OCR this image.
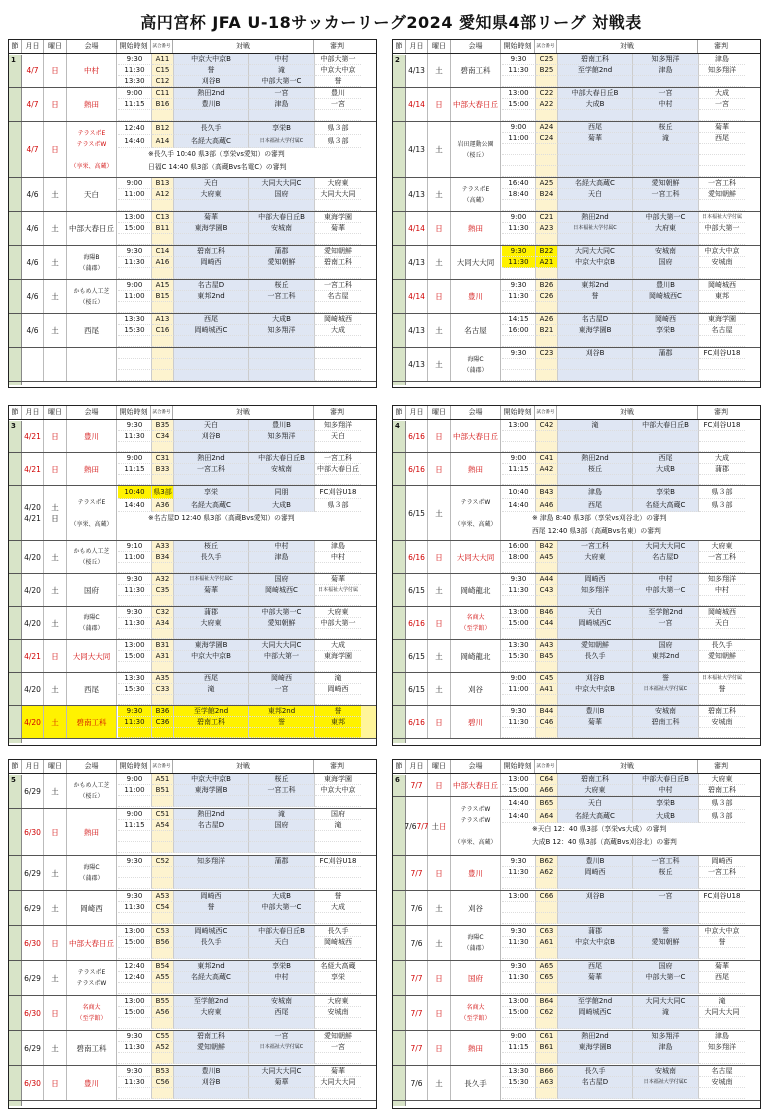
高円宮杯 JFA U-18サッカーリーグ2024 愛知県4部リーグ 対戦表
節	月日	曜日	会場	開始時刻	試合番号	対戦	審判
1
4/7	日	中村
9:30	A11	中京大中京B	中村	中部大第一
11:30	C15	誉	滝	中京大中京
13:30	C12	刈谷B	中部大第一C	誉
4/7	日	熱田
9:00	C11	熱田2nd	一宮	豊川
11:15	B16	豊川B	津島	一宮
4/7	日
テラスポE
テラスポW

（享栄、高蔵）
12:40	B12	長久手	享栄B	県３部
14:40	A14	名経大高蔵C	日本福祉大学付属C	県３部
※長久手 10:40 県3部（享栄vs愛知）の審判
日福C 14:40 県3部（高蔵Bvs名電C）の審判
4/6	土	天白
9:00	B13	天白	大同大大同C	大府東
11:00	A12	大府東	国府	大同大大同
4/6	土	中部大春日丘
13:00	C13	菊華	中部大春日丘B	東海学園
15:00	B11	東海学園B	安城南	菊華
4/6	土
海陽B
（蒲郡）
9:30	C14	碧南工科	蒲郡	愛知朝鮮
11:30	A16	岡崎西	愛知朝鮮	碧南工科
4/6	土
かもめ人工芝
（桜丘）
9:00	A15	名古屋D	桜丘	一宮工科
11:00	B15	東邦2nd	一宮工科	名古屋
4/6	土	西尾
13:30	A13	西尾	大成B	岡崎城西
15:30	C16	岡崎城西C	知多翔洋	大成
節	月日	曜日	会場	開始時刻	試合番号	対戦	審判
2
4/13	土	碧南工科
9:30	C25	碧南工科	知多翔洋	津島
11:30	B25	至学館2nd	津島	知多翔洋
4/14	日	中部大春日丘
13:00	C22	中部大春日丘B	一宮	大成
15:00	A22	大成B	中村	一宮
4/13	土
岩田運動公園
（桜丘）
9:00	A24	西尾	桜丘	菊華
11:00	C24	菊華	滝	西尾
4/13	土
テラスポE
（高蔵）
16:40	A25	名経大高蔵C	愛知朝鮮	一宮工科
18:40	B24	天白	一宮工科	愛知朝鮮
4/14	日	熱田
9:00	C21	熱田2nd	中部大第一C	日本福祉大学付属
11:30	A23	日本福祉大学付属C	大府東	中部大第一
4/13	土	大同大大同
9:30	B22	大同大大同C	安城南	中京大中京
11:30	A21	中京大中京B	国府	安城南
4/14	日	豊川
9:30	B26	東邦2nd	豊川B	岡崎城西
11:30	C26	誉	岡崎城西C	東邦
4/13	土	名古屋
14:15	A26	名古屋D	岡崎西	東海学園
16:00	B21	東海学園B	享栄B	名古屋
4/13	土
海陽C
（蒲郡）
9:30	C23	刈谷B	蒲郡	FC刈谷U18
節	月日	曜日	会場	開始時刻	試合番号	対戦	審判
3
4/21	日	豊川
9:30	B35	天白	豊川B	知多翔洋
11:30	C34	刈谷B	知多翔洋	天白
4/21	日	熱田
9:00	C31	熱田2nd	中部大春日丘B	一宮工科
11:15	B33	一宮工科	安城南	中部大春日丘
4/20
4/21
土
日
テラスポE

（享栄、高蔵）
10:40	県3部	享栄	同朋	FC刈谷U18
14:40	A36	名経大高蔵C	大成B	県３部
※名古屋D 12:40 県3部（高蔵Bvs愛知）の審判
4/20	土
かもめ人工芝
（桜丘）
9:10	A33	桜丘	中村	津島
11:00	B34	長久手	津島	中村
4/20	土	国府
9:30	A32	日本福祉大学付属C	国府	菊華
11:30	C35	菊華	岡崎城西C	日本福祉大学付属
4/20	土
海陽C
（蒲郡）
9:30	C32	蒲郡	中部大第一C	大府東
11:30	A34	大府東	愛知朝鮮	中部大第一
4/21	日	大同大大同
13:00	B31	東海学園B	大同大大同C	大成
15:00	A31	中京大中京B	中部大第一	東海学園
4/20	土	西尾
13:30	A35	西尾	岡崎西	滝
15:30	C33	滝	一宮	岡崎西
4/20	土	碧南工科
9:30	B36	至学館2nd	東邦2nd	誉
11:30	C36	碧南工科	誉	東邦
節	月日	曜日	会場	開始時刻	試合番号	対戦	審判
4
6/16	日	中部大春日丘
13:00	C42	滝	中部大春日丘B	FC刈谷U18
6/16	日	熱田
9:00	C41	熱田2nd	西尾	大成
11:15	A42	桜丘	大成B	蒲郡
6/15	土
テラスポW

（享栄、高蔵）
10:40	B43	津島	享栄B	県３部
14:40	A46	西尾	名経大高蔵C	県３部
※ 津島 8:40 県3部（享栄vs刈谷北）の審判
西尾 12:40 県3部（高蔵Bvs名東）の審判
6/16	日	大同大大同
16:00	B42	一宮工科	大同大大同C	大府東
18:00	A45	大府東	名古屋D	一宮工科
6/15	土	岡崎龍北
9:30	A44	岡崎西	中村	知多翔洋
11:30	C43	知多翔洋	中部大第一C	中村
6/16	日
名商大
（至学館）
13:00	B46	天白	至学館2nd	岡崎城西
15:00	C44	岡崎城西C	一宮	天白
6/15	土	岡崎龍北
13:30	A43	愛知朝鮮	国府	長久手
15:30	B45	長久手	東邦2nd	愛知朝鮮
6/15	土	刈谷
9:00	C45	刈谷B	誉	日本福祉大学付属
11:00	A41	中京大中京B	日本福祉大学付属C	誉
6/16	日	碧川
9:30	B44	豊川B	安城南	碧南工科
11:30	C46	菊華	碧南工科	安城南
節	月日	曜日	会場	開始時刻	試合番号	対戦	審判
5
6/29	土
かもめ人工芝
（桜丘）
9:00	A51	中京大中京B	桜丘	東海学園
11:00	B51	東海学園B	一宮工科	中京大中京
6/30	日	熱田
9:00	C51	熱田2nd	滝	国府
11:15	A54	名古屋D	国府	滝
6/29	土
海陽C
（蒲郡）
9:30	C52	知多翔洋	蒲郡	FC刈谷U18
6/29	土	岡崎西
9:30	A53	岡崎西	大成B	誉
11:30	C54	誉	中部大第一C	大成
6/30	日	中部大春日丘
13:00	C53	岡崎城西C	中部大春日丘B	長久手
15:00	B56	長久手	天白	岡崎城西
6/29	土
テラスポE
テラスポW
12:40	B54	東邦2nd	享栄B	名経大高蔵
12:40	A55	名経大高蔵C	中村	享栄
6/30	日
名商大
（至学館）
13:00	B55	至学館2nd	安城南	大府東
15:00	A56	大府東	西尾	安城南
6/29	土	碧南工科
9:30	C55	碧南工科	一宮	愛知朝鮮
11:30	A52	愛知朝鮮	日本福祉大学付属C	一宮
6/30	日	豊川
9:30	B53	豊川B	大同大大同C	菊華
11:30	C56	刈谷B	菊華	大同大大同
節	月日	曜日	会場	開始時刻	試合番号	対戦	審判
6
7/7	日	中部大春日丘
13:00	C64	碧南工科	中部大春日丘B	大府東
15:00	A66	大府東	中村	碧南工科
7/6 7/7 土 日
テラスポW
テラスポW

（享栄、高蔵）
14:40	B65	天白	享栄B	県３部
14:40	A64	名経大高蔵C	大成B	県３部
※天白 12：40 県3部（享栄vs大成）の審判
大成B 12：40 県3部（高蔵Bvs刈谷北）の審判
7/7	日	豊川
9:30	B62	豊川B	一宮工科	岡崎西
11:30	A62	岡崎西	桜丘	一宮工科
7/6	土	刈谷
13:00	C66	刈谷B	一宮	FC刈谷U18
7/6	土
海陽C
（蒲郡）
9:30	C63	蒲郡	誉	中京大中京
11:30	A61	中京大中京B	愛知朝鮮	誉
7/7	日	国府
9:30	A65	西尾	国府	菊華
11:30	C65	菊華	中部大第一C	西尾
7/7	日
名商大
（至学館）
13:00	B64	至学館2nd	大同大大同C	滝
15:00	C62	岡崎城西C	滝	大同大大同
7/7	日	熱田
9:00	C61	熱田2nd	知多翔洋	津島
11:15	B61	東海学園B	津島	知多翔洋
7/6	土	長久手
13:30	B66	長久手	安城南	名古屋
15:30	A63	名古屋D	日本福祉大学付属C	安城南
